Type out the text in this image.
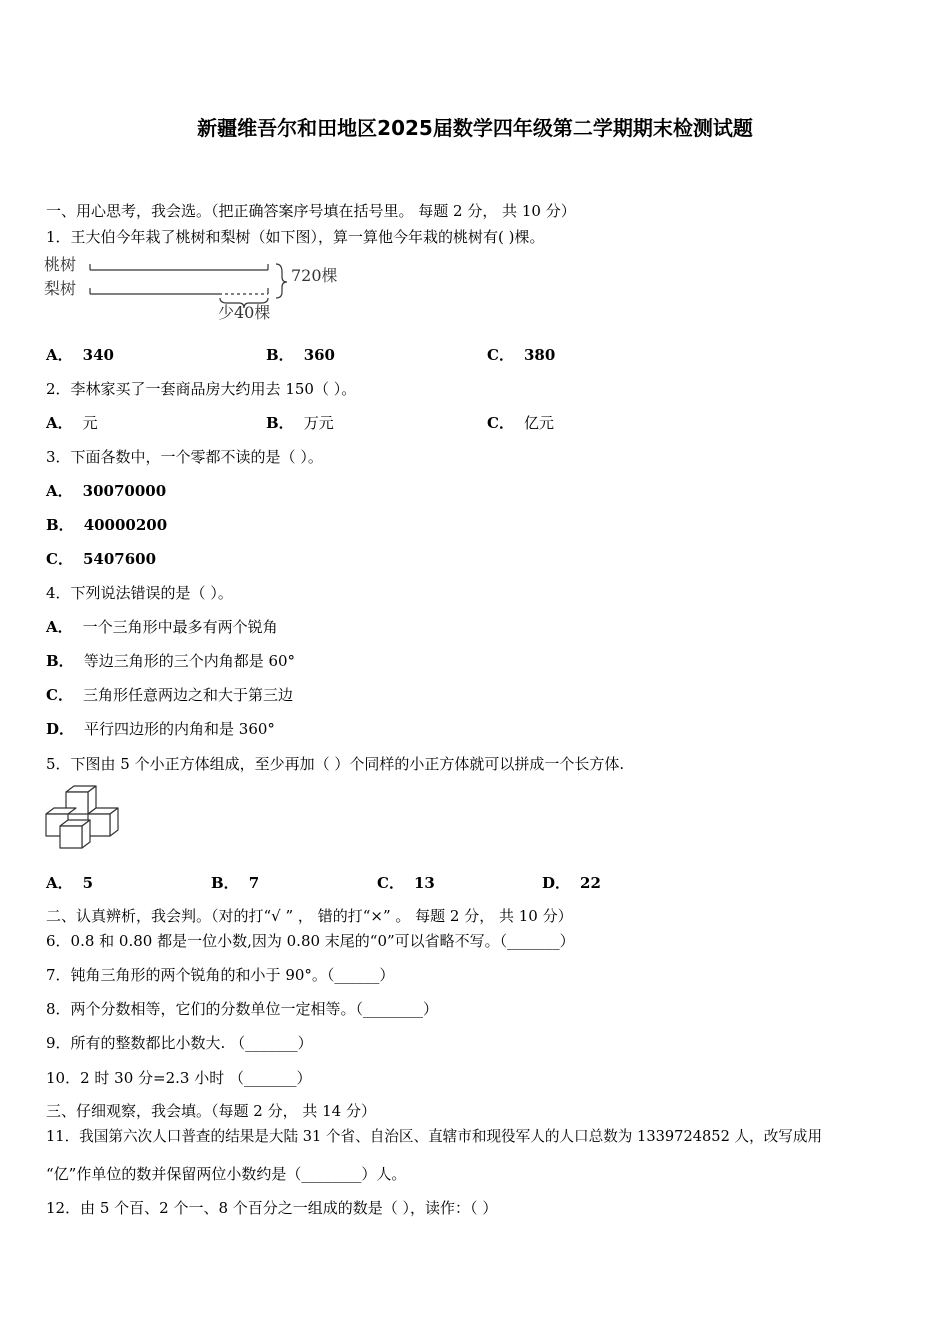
新疆维吾尔和田地区2025届数学四年级第二学期期末检测试题
一、用心思考，我会选。（把正确答案序号填在括号里。 每题 2 分， 共 10 分）
1．王大伯今年栽了桃树和梨树（如下图），算一算他今年栽的桃树有( )棵。
桃树
梨树
720棵
少40棵
A． 340	B． 360	C． 380
2．李林家买了一套商品房大约用去 150（ ）。
A． 元	B． 万元	C． 亿元
3．下面各数中，一个零都不读的是（ ）。
A． 30070000
B． 40000200
C． 5407600
4．下列说法错误的是（ ）。
A． 一个三角形中最多有两个锐角
B． 等边三角形的三个内角都是 60°
C． 三角形任意两边之和大于第三边
D． 平行四边形的内角和是 360°
5．下图由 5 个小正方体组成，至少再加（ ）个同样的小正方体就可以拼成一个长方体.
A． 5	B． 7	C． 13	D． 22
二、认真辨析，我会判。（对的打“√ ” ， 错的打“×” 。 每题 2 分， 共 10 分）
6．0.8 和 0.80 都是一位小数,因为 0.80 末尾的“0”可以省略不写。（_______）
7．钝角三角形的两个锐角的和小于 90°。（______）
8．两个分数相等，它们的分数单位一定相等。（________）
9．所有的整数都比小数大. （_______）
10．2 时 30 分=2.3 小时 （_______）
三、仔细观察，我会填。（每题 2 分， 共 14 分）
11．我国第六次人口普查的结果是大陆 31 个省、自治区、直辖市和现役军人的人口总数为 1339724852 人，改写成用
“亿”作单位的数并保留两位小数约是（________）人。
12．由 5 个百、2 个一、8 个百分之一组成的数是（ ），读作：（ ）
